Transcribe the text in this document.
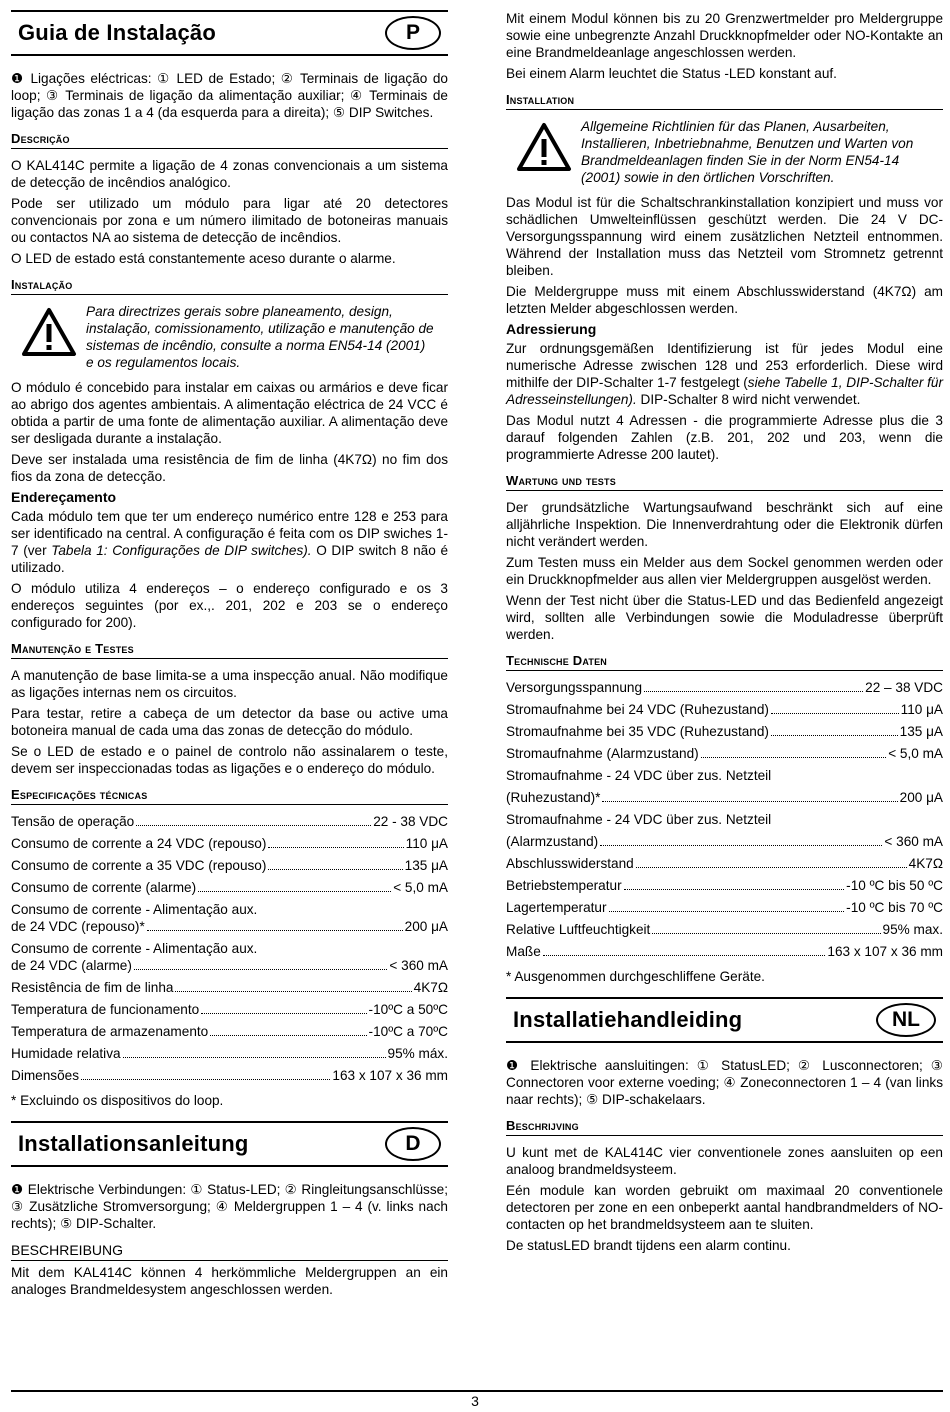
Guia de Instalação	P

❶ Ligações eléctricas: ① LED de Estado; ② Terminais de ligação do loop; ③ Terminais de ligação da alimentação auxiliar; ④ Terminais de ligação das zonas 1 a 4 (da esquerda para a direita); ⑤ DIP Switches.

Descrição

O KAL414C permite a ligação de 4 zonas convencionais a um sistema de detecção de incêndios analógico.

Pode ser utilizado um módulo para ligar até 20 detectores convencionais por zona e um número ilimitado de botoneiras manuais ou contactos NA ao sistema de detecção de incêndios.

O LED de estado está constantemente aceso durante o alarme.

Instalação
Para directrizes gerais sobre planeamento, design, instalação, comissionamento, utilização e manutenção de sistemas de incêndio, consulte a norma EN54-14 (2001) e os regulamentos locais.

O módulo é concebido para instalar em caixas ou armários e deve ficar ao abrigo dos agentes ambientais. A alimentação eléctrica de 24 VCC é obtida a partir de uma fonte de alimentação auxiliar. A alimentação deve ser desligada durante a instalação.

Deve ser instalada uma resistência de fim de linha (4K7Ω) no fim dos fios da zona de detecção.

Endereçamento

Cada módulo tem que ter um endereço numérico entre 128 e 253 para ser identificado na central. A configuração é feita com os DIP swiches 1-7 (ver Tabela 1: Configurações de DIP switches). O DIP switch 8 não é utilizado.

O módulo utiliza 4 endereços – o endereço configurado e os 3 endereços seguintes (por ex.,. 201, 202 e 203 se o endereço configurado for 200).

Manutenção e Testes

A manutenção de base limita-se a uma inspecção anual. Não modifique as ligações internas nem os circuitos.

Para testar, retire a cabeça de um detector da base ou active uma botoneira manual de cada uma das zonas de detecção do módulo.

Se o LED de estado e o painel de controlo não assinalarem o teste, devem ser inspeccionadas todas as ligações e o endereço do módulo.

Especificações técnicas
Tensão de operação	22 - 38 VDC
Consumo de corrente a 24 VDC (repouso)	110 μA
Consumo de corrente a 35 VDC (repouso)	135 μA
Consumo de corrente (alarme)	< 5,0 mA
Consumo de corrente - Alimentação aux.
de 24 VDC (repouso)*	200 μA
Consumo de corrente - Alimentação aux.
de 24 VDC (alarme)	< 360 mA
Resistência de fim de linha	4K7Ω
Temperatura de funcionamento	-10ºC a 50ºC
Temperatura de armazenamento	-10ºC a 70ºC
Humidade relativa	95% máx.
Dimensões	163 x 107 x 36 mm

* Excluindo os dispositivos do loop.

Installationsanleitung	D

❶ Elektrische Verbindungen: ① Status-LED; ② Ringleitungsanschlüsse; ③ Zusätzliche Stromversorgung; ④ Meldergruppen 1 – 4 (v. links nach rechts); ⑤ DIP-Schalter.

BESCHREIBUNG

Mit dem KAL414C können 4 herkömmliche Meldergruppen an ein analoges Brandmeldesystem angeschlossen werden.

Mit einem Modul können bis zu 20 Grenzwertmelder pro Meldergruppe sowie eine unbegrenzte Anzahl Druckknopfmelder oder NO-Kontakte an eine Brandmeldeanlage angeschlossen werden.

Bei einem Alarm leuchtet die Status -LED konstant auf.

Installation
Allgemeine Richtlinien für das Planen, Ausarbeiten, Installieren, Inbetriebnahme, Benutzen und Warten von Brandmeldeanlagen finden Sie in der Norm EN54-14 (2001) sowie in den örtlichen Vorschriften.

Das Modul ist für die Schaltschrankinstallation konzipiert und muss vor schädlichen Umwelteinflüssen geschützt werden. Die 24 V DC-Versorgungsspannung wird einem zusätzlichen Netzteil entnommen. Während der Installation muss das Netzteil vom Stromnetz getrennt bleiben.

Die Meldergruppe muss mit einem Abschlusswiderstand (4K7Ω) am letzten Melder abgeschlossen werden.

Adressierung

Zur ordnungsgemäßen Identifizierung ist für jedes Modul eine numerische Adresse zwischen 128 und 253 erforderlich. Diese wird mithilfe der DIP-Schalter 1-7 festgelegt (siehe Tabelle 1, DIP-Schalter für Adresseinstellungen). DIP-Schalter 8 wird nicht verwendet.

Das Modul nutzt 4 Adressen - die programmierte Adresse plus die 3 darauf folgenden Zahlen (z.B. 201, 202 und 203, wenn die programmierte Adresse 200 lautet).

Wartung und tests

Der grundsätzliche Wartungsaufwand beschränkt sich auf eine alljährliche Inspektion. Die Innenverdrahtung oder die Elektronik dürfen nicht verändert werden.

Zum Testen muss ein Melder aus dem Sockel genommen werden oder ein Druckknopfmelder aus allen vier Meldergruppen ausgelöst werden.

Wenn der Test nicht über die Status-LED und das Bedienfeld angezeigt wird, sollten alle Verbindungen sowie die Moduladresse überprüft werden.

Technische Daten
Versorgungsspannung	22 – 38 VDC
Stromaufnahme bei 24 VDC (Ruhezustand)	110 μA
Stromaufnahme bei 35 VDC (Ruhezustand)	135 μA
Stromaufnahme (Alarmzustand)	< 5,0 mA
Stromaufnahme - 24 VDC über zus. Netzteil
(Ruhezustand)*	200 μA
Stromaufnahme - 24 VDC über zus. Netzteil
(Alarmzustand)	< 360 mA
Abschlusswiderstand	4K7Ω
Betriebstemperatur	-10 ºC bis 50 ºC
Lagertemperatur	-10 ºC bis 70 ºC
Relative Luftfeuchtigkeit	95% max.
Maße	163 x 107 x 36 mm

* Ausgenommen durchgeschliffene Geräte.

Installatiehandleiding	NL

❶ Elektrische aansluitingen: ① StatusLED; ② Lusconnectoren; ③ Connectoren voor externe voeding; ④ Zoneconnectoren 1 – 4 (van links naar rechts); ⑤ DIP-schakelaars.

Beschrijving

U kunt met de KAL414C vier conventionele zones aansluiten op een analoog brandmeldsysteem.

Eén module kan worden gebruikt om maximaal 20 conventionele detectoren per zone en een onbeperkt aantal handbrandmelders of NO-contacten op het brandmeldsysteem aan te sluiten.

De statusLED brandt tijdens een alarm continu.

3
